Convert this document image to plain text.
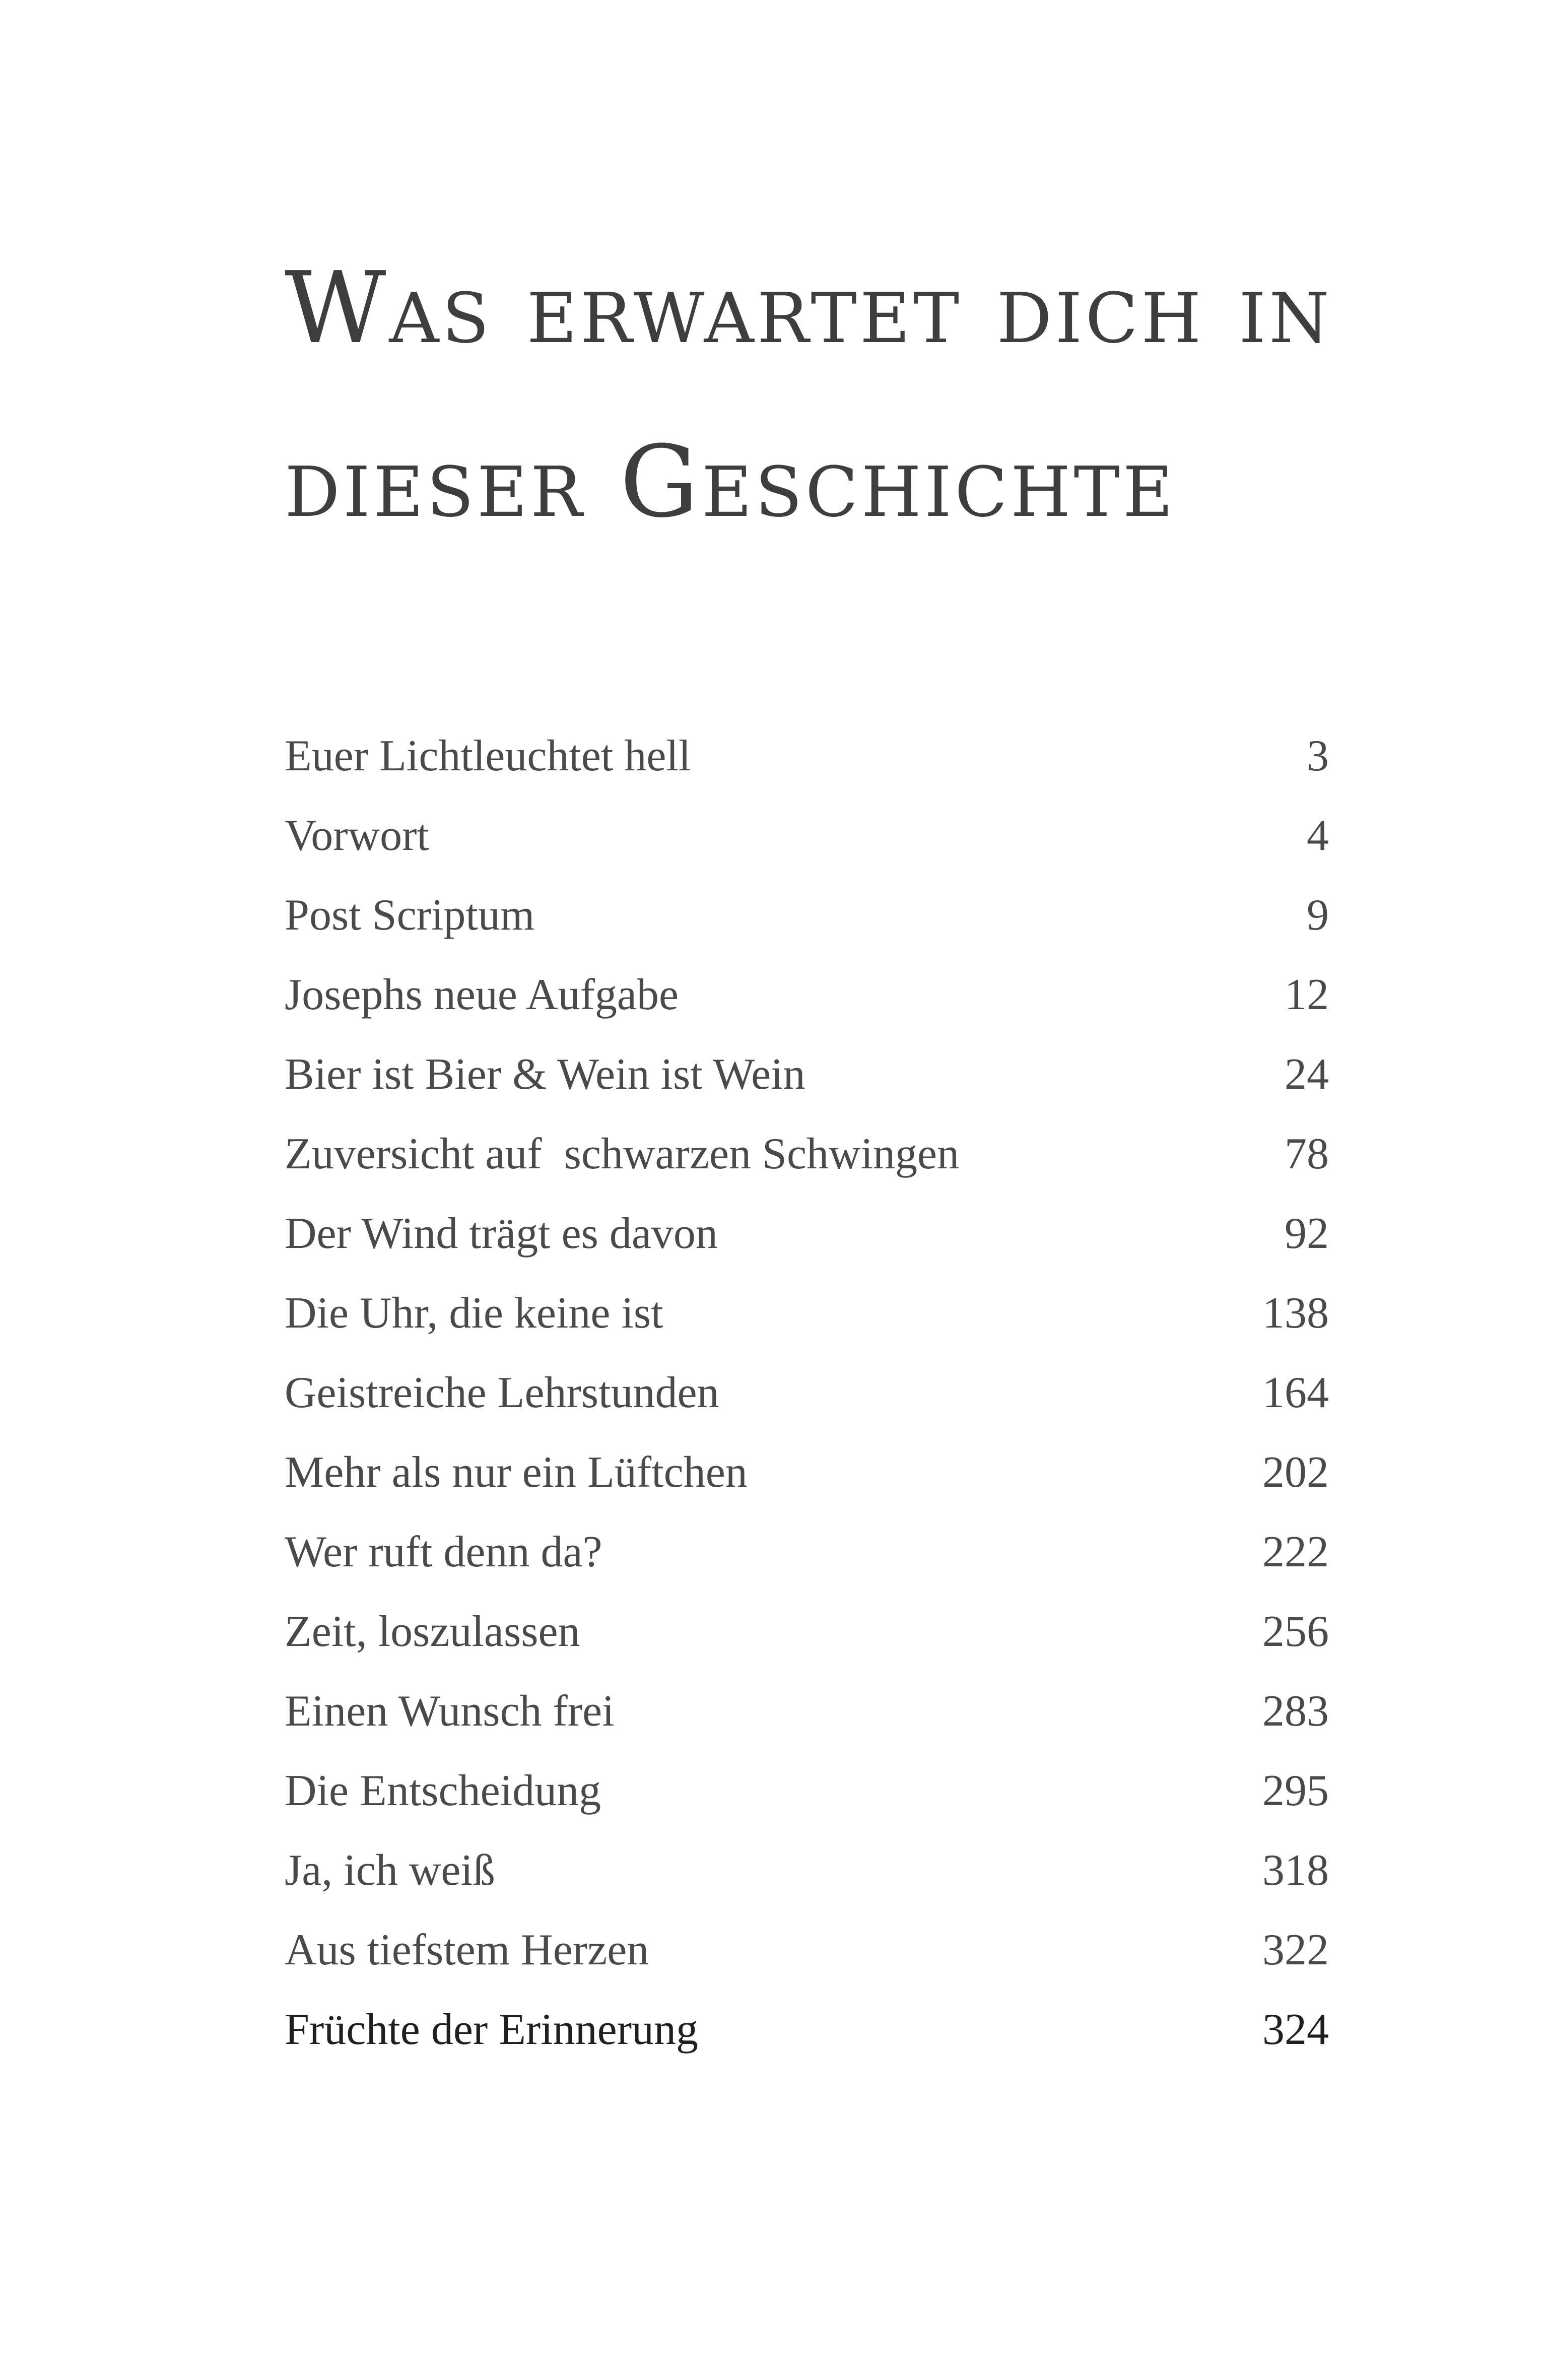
Was erwartet dich in
dieser Geschichte
Euer Lichtleuchtet hell	3
Vorwort	4
Post Scriptum	9
Josephs neue Aufgabe	12
Bier ist Bier & Wein ist Wein	24
Zuversicht auf  schwarzen Schwingen	78
Der Wind trägt es davon	92
Die Uhr, die keine ist	138
Geistreiche Lehrstunden	164
Mehr als nur ein Lüftchen	202
Wer ruft denn da?	222
Zeit, loszulassen	256
Einen Wunsch frei	283
Die Entscheidung	295
Ja, ich weiß	318
Aus tiefstem Herzen	322
Früchte der Erinnerung	324
